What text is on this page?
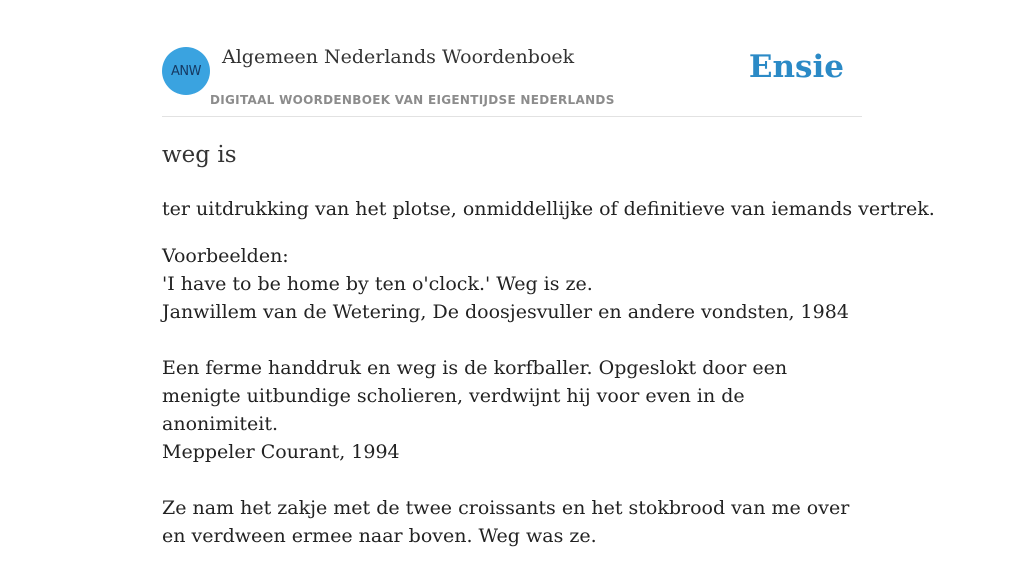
ANW
Algemeen Nederlands Woordenboek
DIGITAAL WOORDENBOEK VAN EIGENTIJDSE NEDERLANDS
Ensie
weg is

ter uitdrukking van het plotse, onmiddellijke of definitieve van iemands vertrek.

Voorbeelden:
'I have to be home by ten o'clock.' Weg is ze.
Janwillem van de Wetering, De doosjesvuller en andere vondsten, 1984
Een ferme handdruk en weg is de korfballer. Opgeslokt door een menigte uitbundige scholieren, verdwijnt hij voor even in de anonimiteit.
Meppeler Courant, 1994
Ze nam het zakje met de twee croissants en het stokbrood van me over en verdween ermee naar boven. Weg was ze.
